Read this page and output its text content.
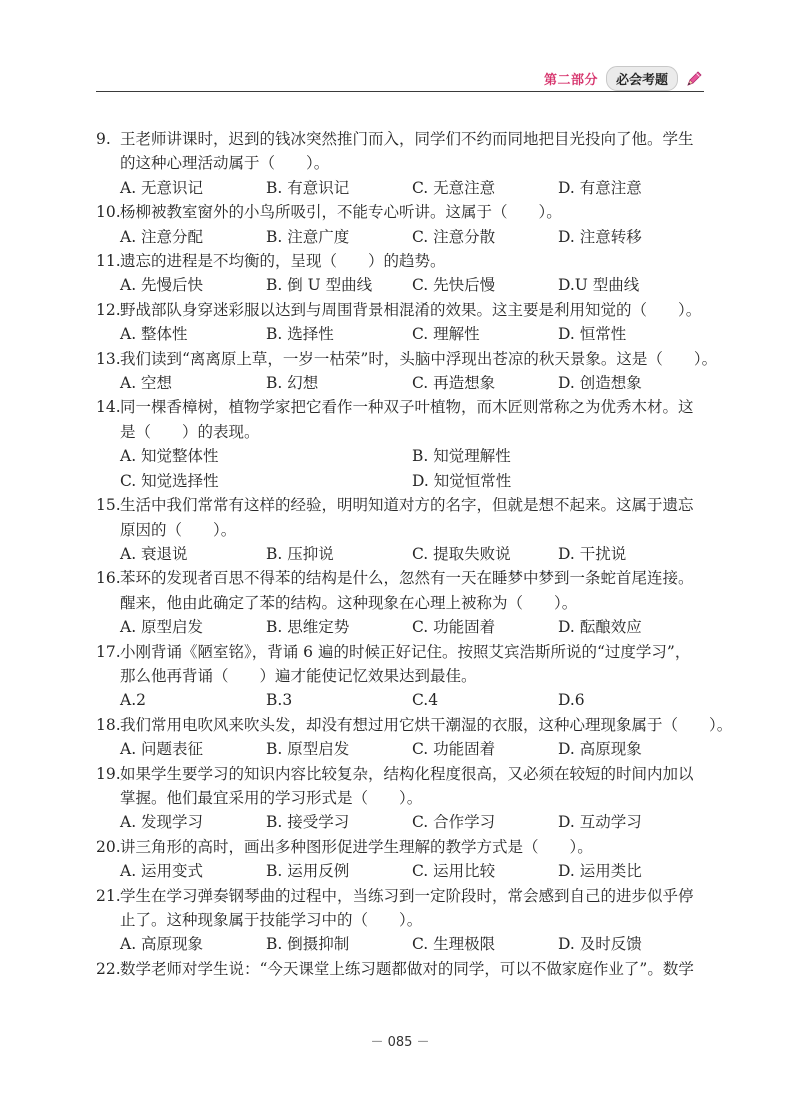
第二部分	必会考题
9. 王老师讲课时，迟到的钱冰突然推门而入，同学们不约而同地把目光投向了他。学生
的这种心理活动属于（　　）。
A. 无意识记	B. 有意识记	C. 无意注意	D. 有意注意
10. 杨柳被教室窗外的小鸟所吸引，不能专心听讲。这属于（　　）。
A. 注意分配	B. 注意广度	C. 注意分散	D. 注意转移
11. 遗忘的进程是不均衡的，呈现（　　）的趋势。
A. 先慢后快	B. 倒 U 型曲线	C. 先快后慢	D.U 型曲线
12. 野战部队身穿迷彩服以达到与周围背景相混淆的效果。这主要是利用知觉的（　　）。
A. 整体性	B. 选择性	C. 理解性	D. 恒常性
13. 我们读到“离离原上草，一岁一枯荣”时，头脑中浮现出苍凉的秋天景象。这是（　　）。
A. 空想	B. 幻想	C. 再造想象	D. 创造想象
14. 同一棵香樟树，植物学家把它看作一种双子叶植物，而木匠则常称之为优秀木材。这
是（　　）的表现。
A. 知觉整体性	B. 知觉理解性
C. 知觉选择性	D. 知觉恒常性
15. 生活中我们常常有这样的经验，明明知道对方的名字，但就是想不起来。这属于遗忘
原因的（　　）。
A. 衰退说	B. 压抑说	C. 提取失败说	D. 干扰说
16. 苯环的发现者百思不得苯的结构是什么，忽然有一天在睡梦中梦到一条蛇首尾连接。
醒来，他由此确定了苯的结构。这种现象在心理上被称为（　　）。
A. 原型启发	B. 思维定势	C. 功能固着	D. 酝酿效应
17. 小刚背诵《陋室铭》，背诵 6 遍的时候正好记住。按照艾宾浩斯所说的“过度学习”，
那么他再背诵（　　）遍才能使记忆效果达到最佳。
A.2	B.3	C.4	D.6
18. 我们常用电吹风来吹头发，却没有想过用它烘干潮湿的衣服，这种心理现象属于（　　）。
A. 问题表征	B. 原型启发	C. 功能固着	D. 高原现象
19. 如果学生要学习的知识内容比较复杂，结构化程度很高，又必须在较短的时间内加以
掌握。他们最宜采用的学习形式是（　　）。
A. 发现学习	B. 接受学习	C. 合作学习	D. 互动学习
20. 讲三角形的高时，画出多种图形促进学生理解的教学方式是（　　）。
A. 运用变式	B. 运用反例	C. 运用比较	D. 运用类比
21. 学生在学习弹奏钢琴曲的过程中，当练习到一定阶段时，常会感到自己的进步似乎停
止了。这种现象属于技能学习中的（　　）。
A. 高原现象	B. 倒摄抑制	C. 生理极限	D. 及时反馈
22. 数学老师对学生说：“今天课堂上练习题都做对的同学，可以不做家庭作业了”。数学
－ 085 －
